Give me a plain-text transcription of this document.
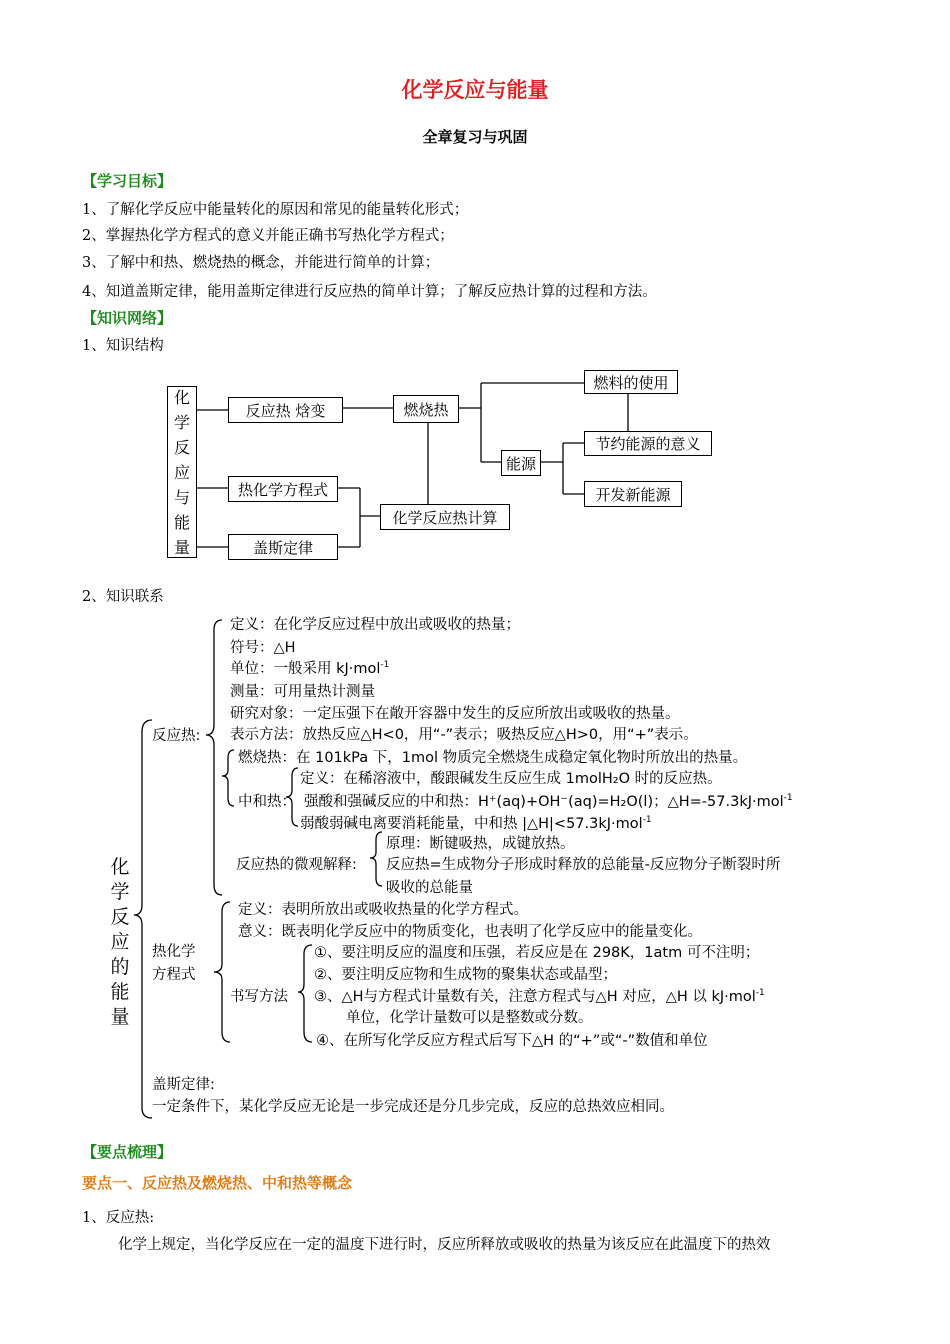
化学反应与能量
全章复习与巩固
【学习目标】
1、了解化学反应中能量转化的原因和常见的能量转化形式；
2、掌握热化学方程式的意义并能正确书写热化学方程式；
3、了解中和热、燃烧热的概念，并能进行简单的计算；
4、知道盖斯定律，能用盖斯定律进行反应热的简单计算；了解反应热计算的过程和方法。
【知识网络】
1、知识结构
化
学
反
应
与
能
量
反应热 焓变
热化学方程式
盖斯定律
燃烧热
化学反应热计算
能源
燃料的使用
节约能源的意义
开发新能源
2、知识联系
化
学
反
应
的
能
量
反应热:
定义：在化学反应过程中放出或吸收的热量；
符号：△H
单位：一般采用 kJ·mol$^{-1}$
测量：可用量热计测量
研究对象：一定压强下在敞开容器中发生的反应所放出或吸收的热量。
表示方法：放热反应△H<0，用“-”表示；吸热反应△H>0，用“+”表示。
燃烧热：在 101kPa 下，1mol 物质完全燃烧生成稳定氧化物时所放出的热量。
定义：在稀溶液中，酸跟碱发生反应生成 1molH₂O 时的反应热。
中和热： 强酸和强碱反应的中和热：H⁺(aq)+OH⁻(aq)=H₂O(l)；△H=-57.3kJ·mol$^{-1}$
弱酸弱碱电离要消耗能量，中和热 |△H|<57.3kJ·mol$^{-1}$
反应热的微观解释:
原理：断键吸热，成键放热。
反应热=生成物分子形成时释放的总能量-反应物分子断裂时所
吸收的总能量
热化学
方程式
定义：表明所放出或吸收热量的化学方程式。
意义：既表明化学反应中的物质变化，也表明了化学反应中的能量变化。
书写方法
①、要注明反应的温度和压强，若反应是在 298K，1atm 可不注明；
②、要注明反应物和生成物的聚集状态或晶型；
③、△H与方程式计量数有关，注意方程式与△H 对应，△H 以 kJ·mol$^{-1}$
单位，化学计量数可以是整数或分数。
④、在所写化学反应方程式后写下△H 的“+”或“-”数值和单位
盖斯定律:
一定条件下，某化学反应无论是一步完成还是分几步完成，反应的总热效应相同。
【要点梳理】
要点一、反应热及燃烧热、中和热等概念
1、反应热:
化学上规定，当化学反应在一定的温度下进行时，反应所释放或吸收的热量为该反应在此温度下的热效
